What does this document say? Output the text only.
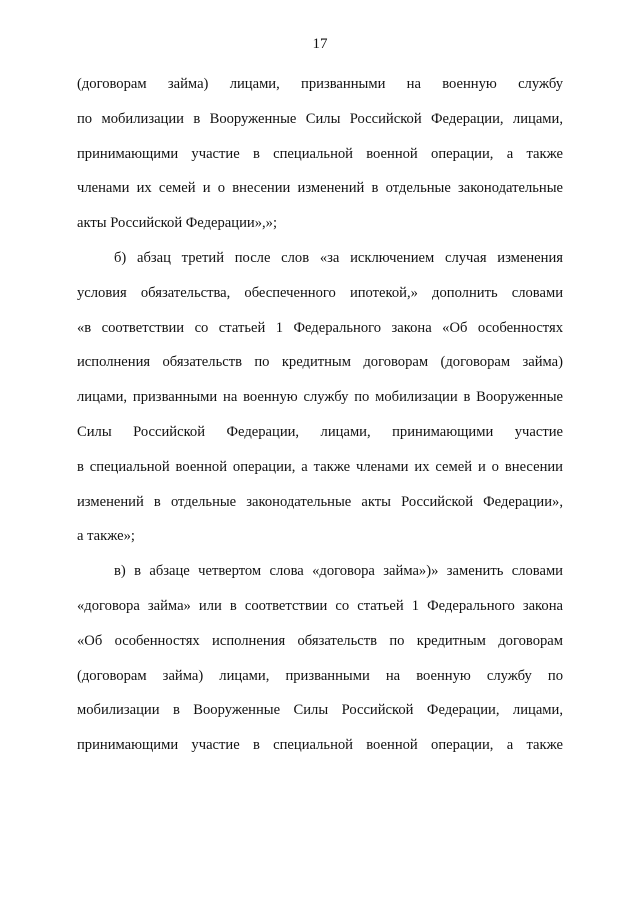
17
(договорам займа) лицами, призванными на военную службу
по мобилизации в Вооруженные Силы Российской Федерации, лицами,
принимающими участие в специальной военной операции, а также
членами их семей и о внесении изменений в отдельные законодательные
акты Российской Федерации»,»;
б) абзац третий после слов «за исключением случая изменения
условия обязательства, обеспеченного ипотекой,» дополнить словами
«в соответствии со статьей 1 Федерального закона «Об особенностях
исполнения обязательств по кредитным договорам (договорам займа)
лицами, призванными на военную службу по мобилизации в Вооруженные
Силы Российской Федерации, лицами, принимающими участие
в специальной военной операции, а также членами их семей и о внесении
изменений в отдельные законодательные акты Российской Федерации»,
а также»;
в) в абзаце четвертом слова «договора займа»)» заменить словами
«договора займа» или в соответствии со статьей 1 Федерального закона
«Об особенностях исполнения обязательств по кредитным договорам
(договорам займа) лицами, призванными на военную службу по
мобилизации в Вооруженные Силы Российской Федерации, лицами,
принимающими участие в специальной военной операции, а также
